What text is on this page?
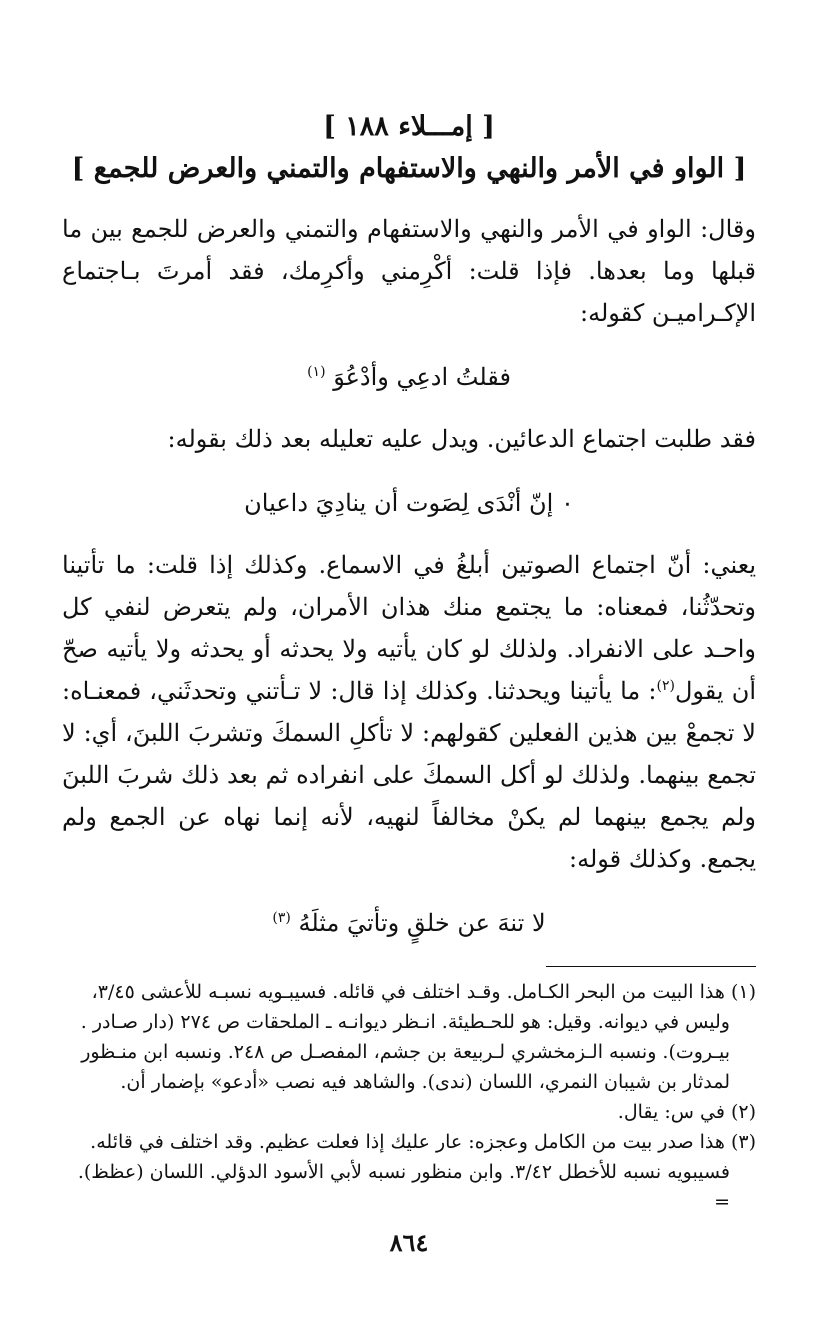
[ إمـــلاء ١٨٨ ]

[ الواو في الأمر والنهي والاستفهام والتمني والعرض للجمع ]

وقال: الواو في الأمر والنهي والاستفهام والتمني والعرض للجمع بين ما قبلها وما بعدها. فإذا قلت: أكْرِمني وأكرِمك، فقد أمرتَ بـاجتماع الإكـراميـن كقوله:

فقلتُ ادعِي وأدْعُوَ $^{(١)}$

فقد طلبت اجتماع الدعائين. ويدل عليه تعليله بعد ذلك بقوله:

٠ إنّ أنْدَى لِصَوت أن ينادِيَ داعيان

يعني: أنّ اجتماع الصوتين أبلغُ في الاسماع. وكذلك إذا قلت: ما تأتينا وتحدّثُنا، فمعناه: ما يجتمع منك هذان الأمران، ولم يتعرض لنفي كل واحـد على الانفراد. ولذلك لو كان يأتيه ولا يحدثه أو يحدثه ولا يأتيه صحّ أن يقول$^{(٢)}$: ما يأتينا ويحدثنا. وكذلك إذا قال: لا تـأتني وتحدثَني، فمعنـاه: لا تجمعْ بين هذين الفعلين كقولهم: لا تأكلِ السمكَ وتشربَ اللبنَ، أي: لا تجمع بينهما. ولذلك لو أكل السمكَ على انفراده ثم بعد ذلك شربَ اللبنَ ولم يجمع بينهما لم يكنْ مخالفاً لنهيه، لأنه إنما نهاه عن الجمع ولم يجمع. وكذلك قوله:

لا تنهَ عن خلقٍ وتأتيَ مثلَهُ $^{(٣)}$

(١) هذا البيت من البحر الكـامل. وقـد اختلف في قائله. فسيبـويه نسبـه للأعشى ٣/٤٥،

وليس في ديوانه. وقيل: هو للحـطيئة. انـظر ديوانـه ـ الملحقات ص ٢٧٤ (دار صـادر .

بيـروت). ونسبه الـزمخشري لـربيعة بن جشم، المفصـل ص ٢٤٨. ونسبه ابن منـظور

لمدثار بن شيبان النمري، اللسان (ندى). والشاهد فيه نصب «أدعو» بإضمار أن.

(٢) في س: يقال.

(٣) هذا صدر بيت من الكامل وعجزه: عار عليك إذا فعلت عظيم. وقد اختلف في قائله.

فسيبويه نسبه للأخطل ٣/٤٢. وابن منظور نسبه لأبي الأسود الدؤلي. اللسان (عظظ). =

٨٦٤
